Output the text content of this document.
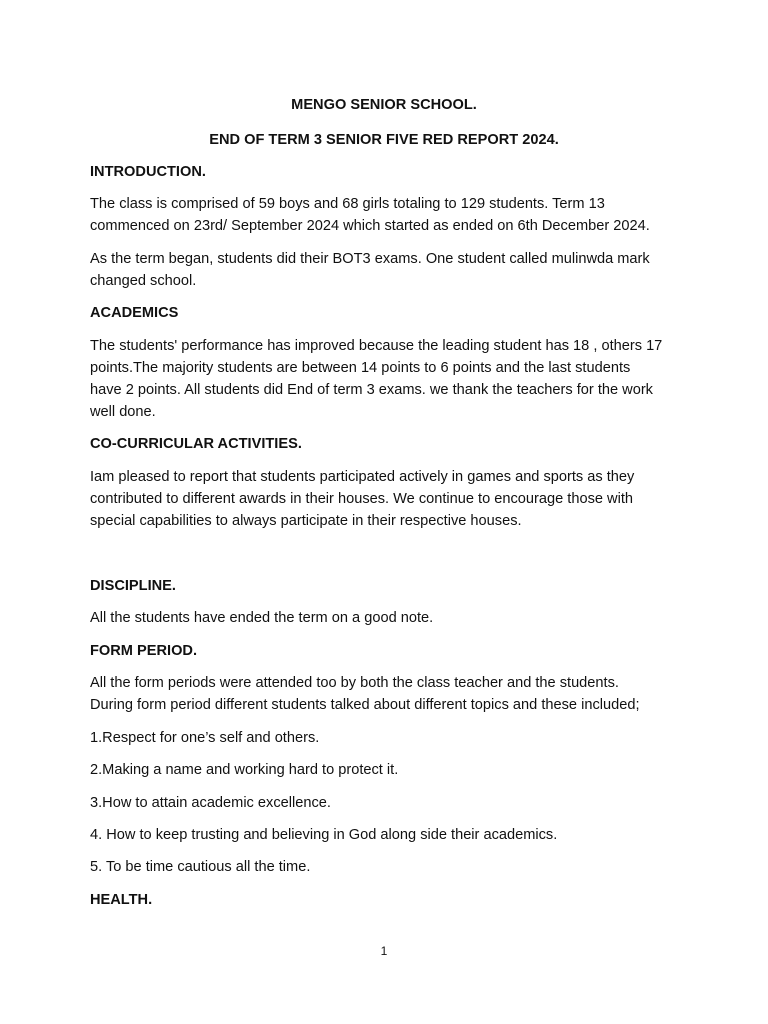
MENGO SENIOR SCHOOL.
END OF TERM 3 SENIOR FIVE RED REPORT 2024.
INTRODUCTION.
The class is comprised of 59 boys and 68 girls totaling to 129 students. Term 13
commenced on 23rd/ September 2024 which started as ended on 6th December 2024.
As the term began, students did their BOT3 exams. One student called mulinwda mark
changed school.
ACADEMICS
The students' performance has improved because the leading student has 18 , others 17
points.The majority students are between 14 points to 6 points and the last students
have 2 points. All students did End of term 3 exams. we thank the teachers for the work
well done.
CO-CURRICULAR ACTIVITIES.
Iam pleased to report that students participated actively in games and sports as they
contributed to different awards in their houses. We continue to encourage those with
special capabilities to always participate in their respective houses.
DISCIPLINE.
All the students have ended the term on a good note.
FORM PERIOD.
All the form periods were attended too by both the class teacher and the students.
During form period different students talked about different topics and these included;
1.Respect for one’s self and others.
2.Making a name and working hard to protect it.
3.How to attain academic excellence.
4. How to keep trusting and believing in God along side their academics.
5. To be time cautious all the time.
HEALTH.
1
